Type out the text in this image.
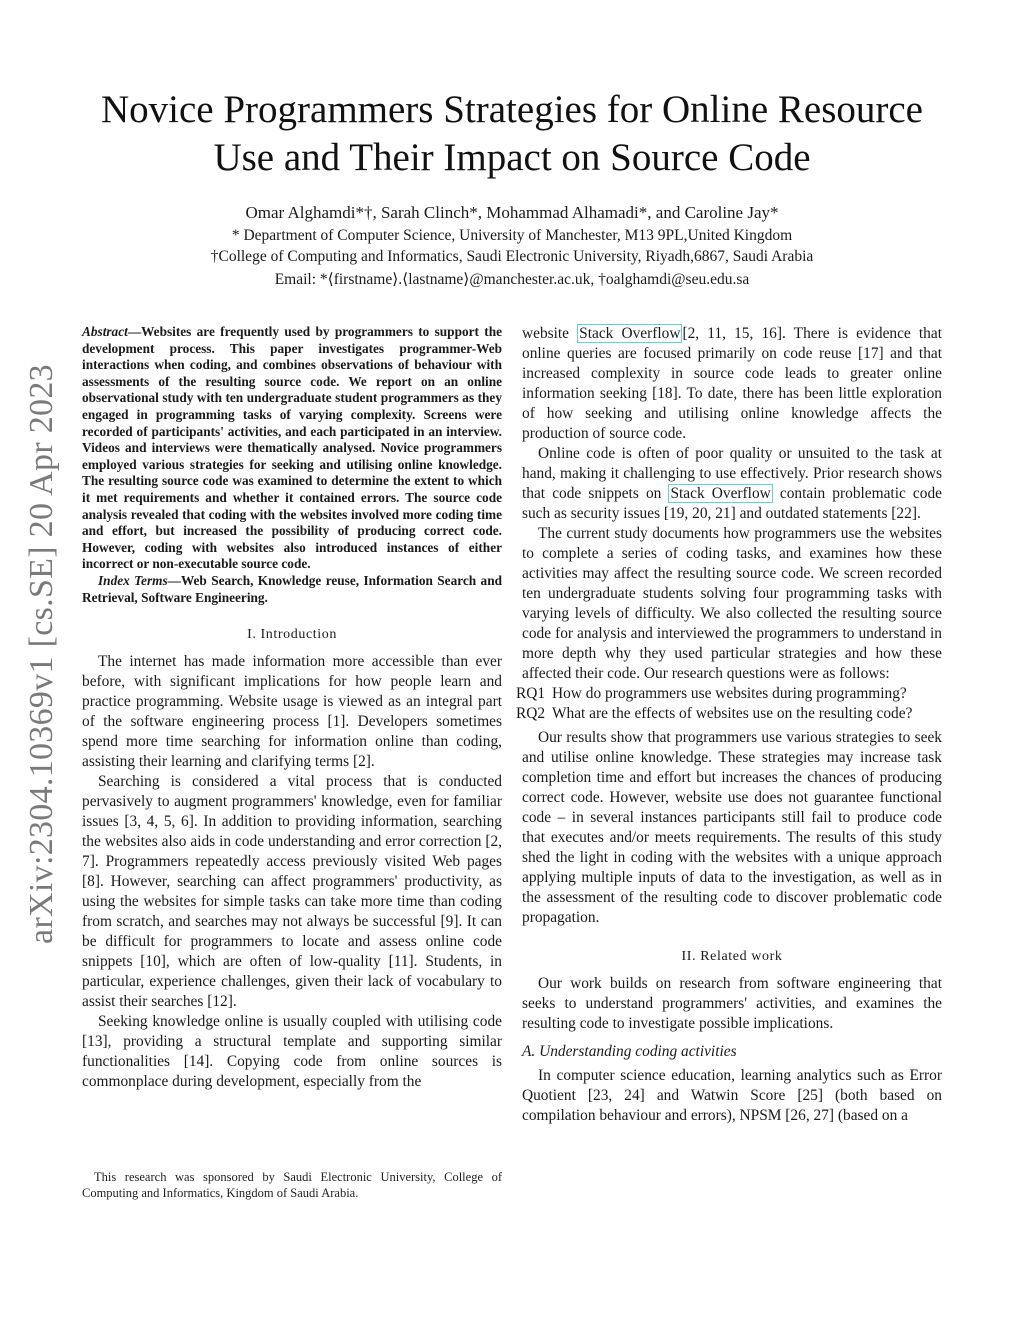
arXiv:2304.10369v1 [cs.SE] 20 Apr 2023
Novice Programmers Strategies for Online Resource
Use and Their Impact on Source Code
Omar Alghamdi*†, Sarah Clinch*, Mohammad Alhamadi*, and Caroline Jay*
* Department of Computer Science, University of Manchester, M13 9PL,United Kingdom
†College of Computing and Informatics, Saudi Electronic University, Riyadh,6867, Saudi Arabia
Email: *⟨firstname⟩.⟨lastname⟩@manchester.ac.uk, †oalghamdi@seu.edu.sa
Abstract—Websites are frequently used by programmers to support the development process. This paper investigates programmer-Web interactions when coding, and combines observations of behaviour with assessments of the resulting source code. We report on an online observational study with ten undergraduate student programmers as they engaged in programming tasks of varying complexity. Screens were recorded of participants' activities, and each participated in an interview. Videos and interviews were thematically analysed. Novice programmers employed various strategies for seeking and utilising online knowledge. The resulting source code was examined to determine the extent to which it met requirements and whether it contained errors. The source code analysis revealed that coding with the websites involved more coding time and effort, but increased the possibility of producing correct code. However, coding with websites also introduced instances of either incorrect or non-executable source code.
Index Terms—Web Search, Knowledge reuse, Information Search and Retrieval, Software Engineering.
I. Introduction

The internet has made information more accessible than ever before, with significant implications for how people learn and practice programming. Website usage is viewed as an integral part of the software engineering process [1]. Developers sometimes spend more time searching for information online than coding, assisting their learning and clarifying terms [2].

Searching is considered a vital process that is conducted pervasively to augment programmers' knowledge, even for familiar issues [3, 4, 5, 6]. In addition to providing information, searching the websites also aids in code understanding and error correction [2, 7]. Programmers repeatedly access previously visited Web pages [8]. However, searching can affect programmers' productivity, as using the websites for simple tasks can take more time than coding from scratch, and searches may not always be successful [9]. It can be difficult for programmers to locate and assess online code snippets [10], which are often of low-quality [11]. Students, in particular, experience challenges, given their lack of vocabulary to assist their searches [12].

Seeking knowledge online is usually coupled with utilising code [13], providing a structural template and supporting similar functionalities [14]. Copying code from online sources is commonplace during development, especially from the

website Stack Overflow [2, 11, 15, 16]. There is evidence that online queries are focused primarily on code reuse [17] and that increased complexity in source code leads to greater online information seeking [18]. To date, there has been little exploration of how seeking and utilising online knowledge affects the production of source code.

Online code is often of poor quality or unsuited to the task at hand, making it challenging to use effectively. Prior research shows that code snippets on Stack Overflow contain problematic code such as security issues [19, 20, 21] and outdated statements [22].

The current study documents how programmers use the websites to complete a series of coding tasks, and examines how these activities may affect the resulting source code. We screen recorded ten undergraduate students solving four programming tasks with varying levels of difficulty. We also collected the resulting source code for analysis and interviewed the programmers to understand in more depth why they used particular strategies and how these affected their code. Our research questions were as follows:

RQ1 How do programmers use websites during programming?
RQ2 What are the effects of websites use on the resulting code?

Our results show that programmers use various strategies to seek and utilise online knowledge. These strategies may increase task completion time and effort but increases the chances of producing correct code. However, website use does not guarantee functional code – in several instances participants still fail to produce code that executes and/or meets requirements. The results of this study shed the light in coding with the websites with a unique approach applying multiple inputs of data to the investigation, as well as in the assessment of the resulting code to discover problematic code propagation.

II. Related work

Our work builds on research from software engineering that seeks to understand programmers' activities, and examines the resulting code to investigate possible implications.

A. Understanding coding activities

In computer science education, learning analytics such as Error Quotient [23, 24] and Watwin Score [25] (both based on compilation behaviour and errors), NPSM [26, 27] (based on a

This research was sponsored by Saudi Electronic University, College of Computing and Informatics, Kingdom of Saudi Arabia.
